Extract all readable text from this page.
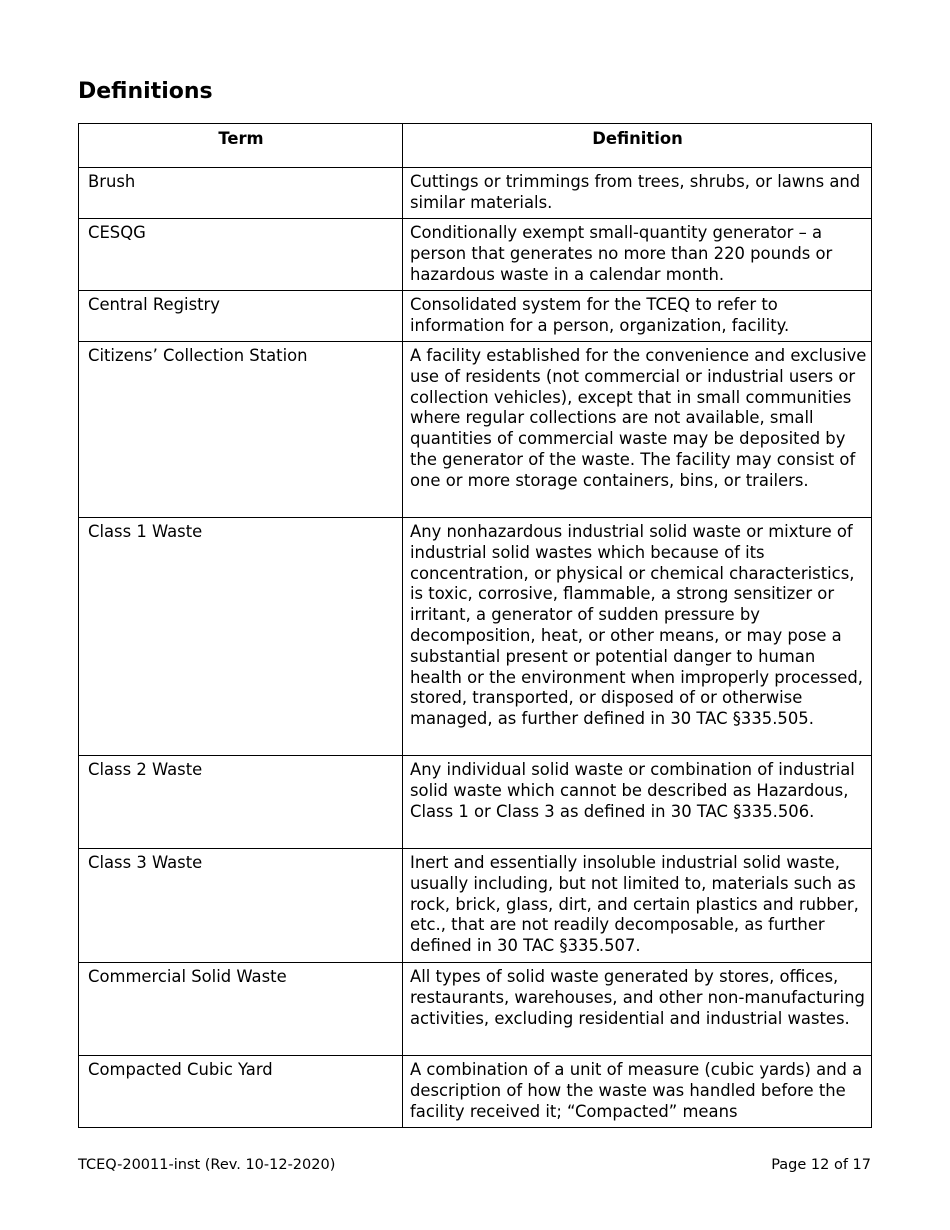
Definitions
Term	Definition
Brush	Cuttings or trimmings from trees, shrubs, or lawns and similar materials.
CESQG	Conditionally exempt small-quantity generator – a person that generates no more than 220 pounds or hazardous waste in a calendar month.
Central Registry	Consolidated system for the TCEQ to refer to information for a person, organization, facility.
Citizens’ Collection Station	A facility established for the convenience and exclusive use of residents (not commercial or industrial users or collection vehicles), except that in small communities where regular collections are not available, small quantities of commercial waste may be deposited by the generator of the waste. The facility may consist of one or more storage containers, bins, or trailers.
Class 1 Waste	Any nonhazardous industrial solid waste or mixture of industrial solid wastes which because of its concentration, or physical or chemical characteristics, is toxic, corrosive, flammable, a strong sensitizer or irritant, a generator of sudden pressure by decomposition, heat, or other means, or may pose a substantial present or potential danger to human health or the environment when improperly processed, stored, transported, or disposed of or otherwise managed, as further defined in 30 TAC §335.505.
Class 2 Waste	Any individual solid waste or combination of industrial solid waste which cannot be described as Hazardous, Class 1 or Class 3 as defined in 30 TAC §335.506.
Class 3 Waste	Inert and essentially insoluble industrial solid waste, usually including, but not limited to, materials such as rock, brick, glass, dirt, and certain plastics and rubber, etc., that are not readily decomposable, as further defined in 30 TAC §335.507.
Commercial Solid Waste	All types of solid waste generated by stores, offices, restaurants, warehouses, and other non-manufacturing activities, excluding residential and industrial wastes.
Compacted Cubic Yard	A combination of a unit of measure (cubic yards) and a description of how the waste was handled before the facility received it; “Compacted” means
TCEQ-20011-inst (Rev. 10-12-2020)	Page 12 of 17
